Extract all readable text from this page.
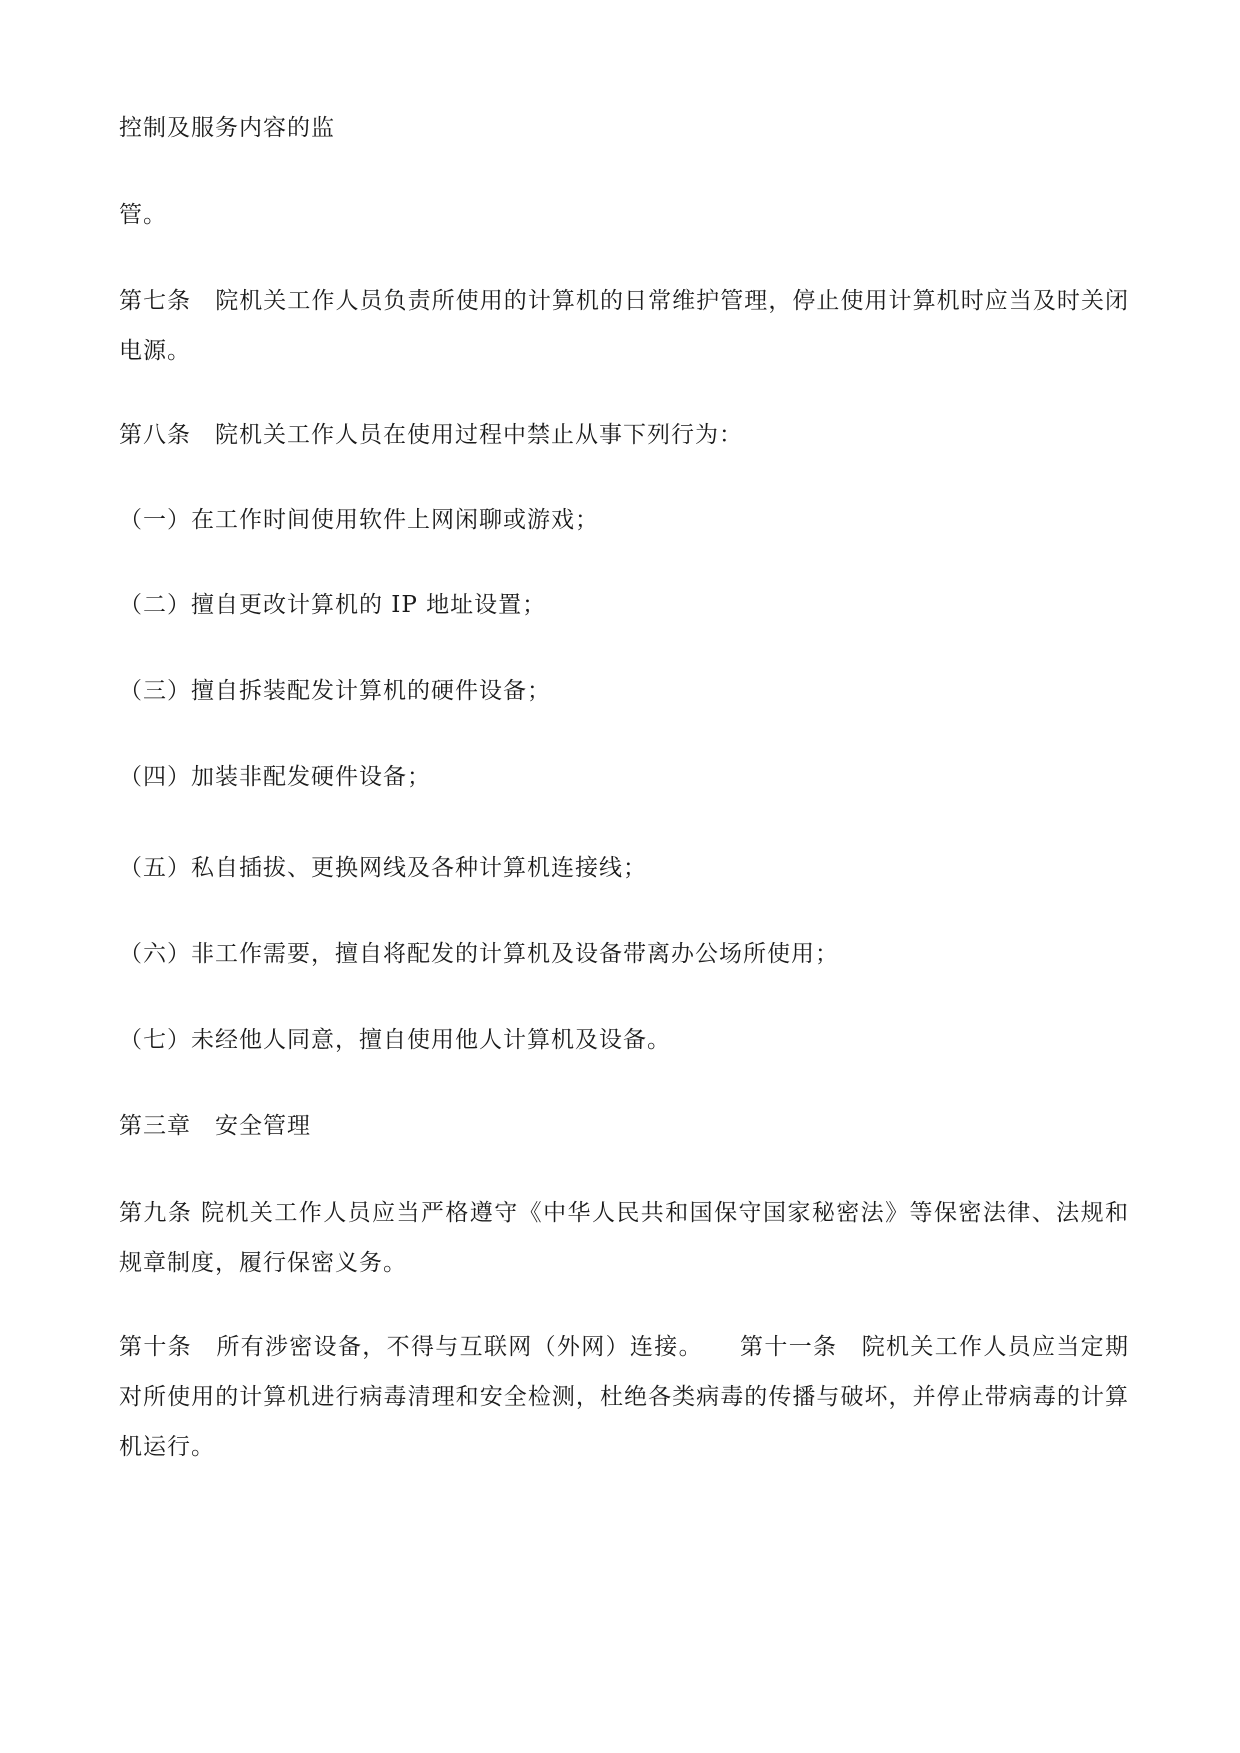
控制及服务内容的监
管。
第七条　院机关工作人员负责所使用的计算机的日常维护管理，停止使用计算机时应当及时关闭电源。
第八条　院机关工作人员在使用过程中禁止从事下列行为：
（一）在工作时间使用软件上网闲聊或游戏；
（二）擅自更改计算机的 IP 地址设置；
（三）擅自拆装配发计算机的硬件设备；
（四）加装非配发硬件设备；
（五）私自插拔、更换网线及各种计算机连接线；
（六）非工作需要，擅自将配发的计算机及设备带离办公场所使用；
（七）未经他人同意，擅自使用他人计算机及设备。
第三章　安全管理
第九条 院机关工作人员应当严格遵守《中华人民共和国保守国家秘密法》等保密法律、法规和规章制度，履行保密义务。
第十条　所有涉密设备，不得与互联网（外网）连接。　　第十一条　院机关工作人员应当定期对所使用的计算机进行病毒清理和安全检测，杜绝各类病毒的传播与破坏，并停止带病毒的计算机运行。
